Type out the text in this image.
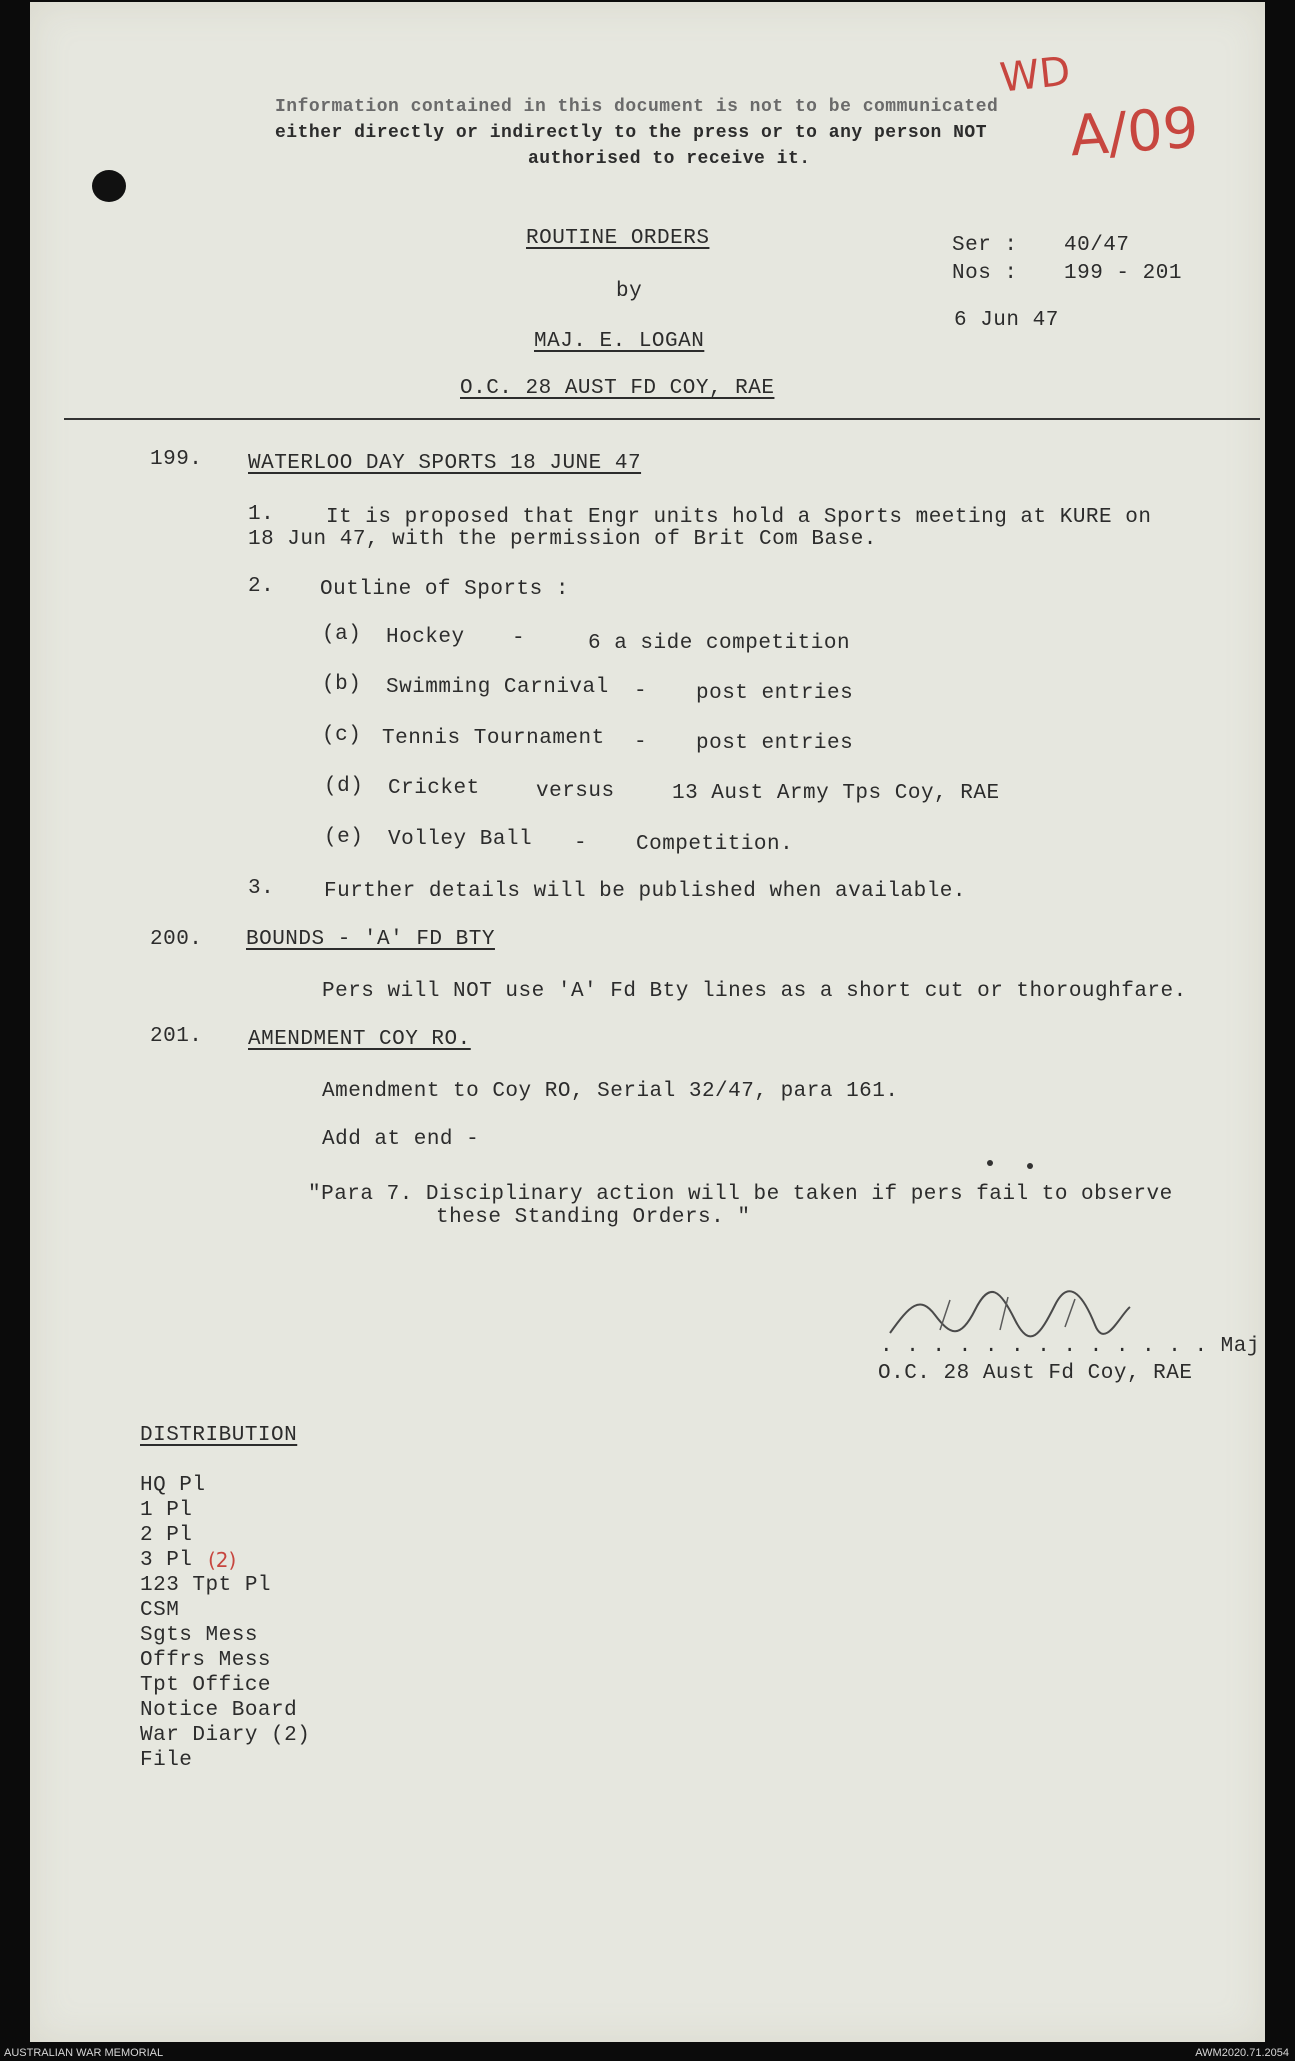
Information contained in this document is not to be communicated
either directly or indirectly to the press or to any person NOT
authorised to receive it.
WD
A/09
ROUTINE ORDERS
by
MAJ. E. LOGAN
O.C. 28 AUST FD COY, RAE
Ser : 40/47
Nos : 199 - 201
6 Jun 47
199. WATERLOO DAY SPORTS 18 JUNE 47
1. It is proposed that Engr units hold a Sports meeting at KURE on
18 Jun 47, with the permission of Brit Com Base.
2. Outline of Sports :
(a) Hockey -	6 a side competition
(b) Swimming Carnival - post entries
(c) Tennis Tournament - post entries
(d) Cricket	versus	13 Aust Army Tps Coy, RAE
(e) Volley Ball - Competition.
3. Further details will be published when available.
200. BOUNDS - 'A' FD BTY
Pers will NOT use 'A' Fd Bty lines as a short cut or thoroughfare.
201. AMENDMENT COY RO.
Amendment to Coy RO, Serial 32/47, para 161.
Add at end -
"Para 7. Disciplinary action will be taken if pers fail to observe
these Standing Orders. "
. . . . . . . . . . . . . Maj
O.C. 28 Aust Fd Coy, RAE
DISTRIBUTION
HQ Pl
1 Pl
2 Pl
3 Pl (2)
123 Tpt Pl
CSM
Sgts Mess
Offrs Mess
Tpt Office
Notice Board
War Diary (2)
File
AUSTRALIAN WAR MEMORIAL	AWM2020.71.2054
